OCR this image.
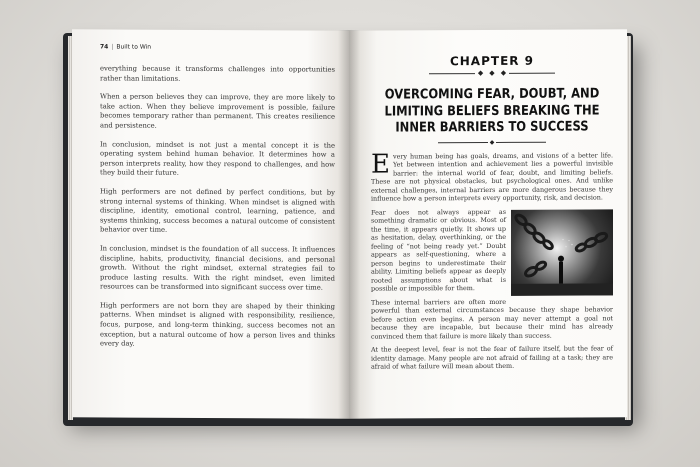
74 | Built to Win

everything because it transforms challenges into opportunities rather than limitations.

When a person believes they can improve, they are more likely to take action. When they believe improvement is possible, failure becomes temporary rather than permanent. This creates resilience and persistence.

In conclusion, mindset is not just a mental concept it is the operating system behind human behavior. It determines how a person interprets reality, how they respond to challenges, and how they build their future.

High performers are not defined by perfect conditions, but by strong internal systems of thinking. When mindset is aligned with discipline, identity, emotional control, learning, patience, and systems thinking, success becomes a natural outcome of consistent behavior over time.

In conclusion, mindset is the foundation of all success. It influences discipline, habits, productivity, financial decisions, and personal growth. Without the right mindset, external strategies fail to produce lasting results. With the right mindset, even limited resources can be transformed into significant success over time.

High performers are not born they are shaped by their thinking patterns. When mindset is aligned with responsibility, resilience, focus, purpose, and long-term thinking, success becomes not an exception, but a natural outcome of how a person lives and thinks every day.

CHAPTER 9
◆ ◆ ◆
OVERCOMING FEAR, DOUBT, AND LIMITING BELIEFS BREAKING THE INNER BARRIERS TO SUCCESS
◆

Every human being has goals, dreams, and visions of a better life. Yet between intention and achievement lies a powerful invisible barrier: the internal world of fear, doubt, and limiting beliefs. These are not physical obstacles, but psychological ones. And unlike external challenges, internal barriers are more dangerous because they influence how a person interprets every opportunity, risk, and decision.

Fear does not always appear as something dramatic or obvious. Most of the time, it appears quietly. It shows up as hesitation, delay, overthinking, or the feeling of “not being ready yet.” Doubt appears as self-questioning, where a person begins to underestimate their ability. Limiting beliefs appear as deeply rooted assumptions about what is possible or impossible for them.

These internal barriers are often more powerful than external circumstances because they shape behavior before action even begins. A person may never attempt a goal not because they are incapable, but because their mind has already convinced them that failure is more likely than success.

At the deepest level, fear is not the fear of failure itself, but the fear of identity damage. Many people are not afraid of failing at a task; they are afraid of what failure will mean about them.
